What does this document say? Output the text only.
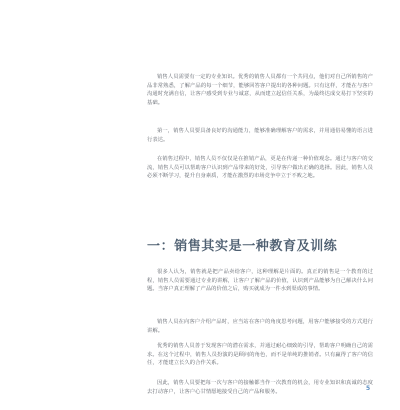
销售人员需要有一定的专业知识。优秀的销售人员都有一个共同点，他们对自己所销售的产品非常熟悉，了解产品的每一个细节，能够回答客户提出的各种问题。只有这样，才能在与客户沟通时充满自信，让客户感受到专业与诚意，从而建立起信任关系，为最终达成交易打下坚实的基础。

第一，销售人员要具备良好的沟通能力，能够准确理解客户的需求，并用通俗易懂的语言进行表达。

在销售过程中，销售人员不仅仅是在推销产品，更是在传递一种价值观念。通过与客户的交流，销售人员可以帮助客户认识到产品带来的好处，引导客户做出正确的选择。因此，销售人员必须不断学习，提升自身素质，才能在激烈的市场竞争中立于不败之地。

一：销售其实是一种教育及训练

很多人认为，销售就是把产品卖给客户，这种理解是片面的。真正的销售是一个教育的过程，销售人员需要通过专业的讲解，让客户了解产品的价值，认识到产品能够为自己解决什么问题。当客户真正理解了产品的价值之后，购买就成为一件水到渠成的事情。

销售人员在向客户介绍产品时，应当站在客户的角度思考问题，用客户能够接受的方式进行讲解。

优秀的销售人员善于发现客户的潜在需求，并通过耐心细致的引导，帮助客户明确自己的需求。在这个过程中，销售人员扮演的是顾问的角色，而不是单纯的推销者。只有赢得了客户的信任，才能建立长久的合作关系。

因此，销售人员要把每一次与客户的接触都当作一次教育的机会，用专业知识和真诚的态度去打动客户，让客户心甘情愿地接受自己的产品和服务。	5
